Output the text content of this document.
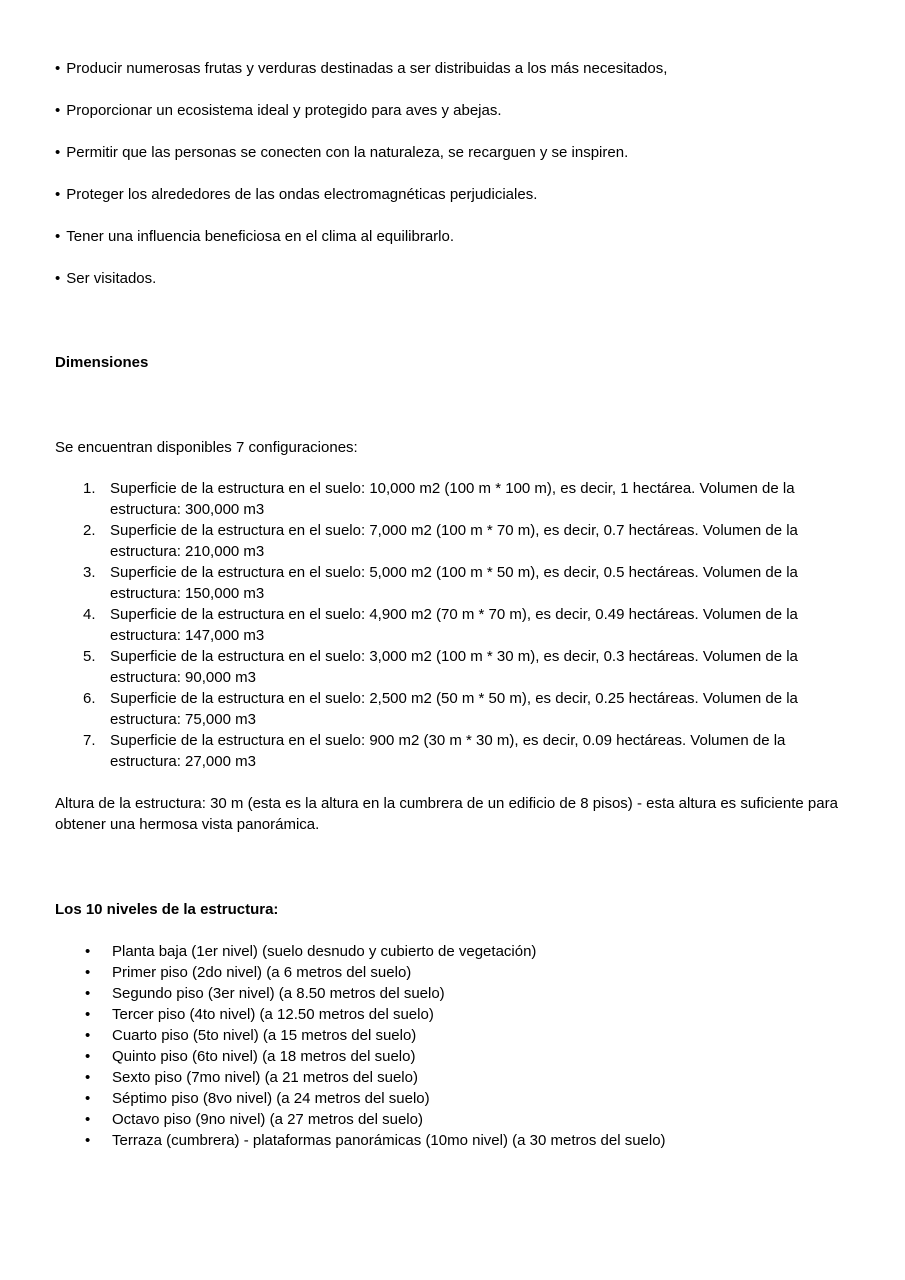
• Producir numerosas frutas y verduras destinadas a ser distribuidas a los más necesitados,

• Proporcionar un ecosistema ideal y protegido para aves y abejas.

• Permitir que las personas se conecten con la naturaleza, se recarguen y se inspiren.

• Proteger los alrededores de las ondas electromagnéticas perjudiciales.

• Tener una influencia beneficiosa en el clima al equilibrarlo.

• Ser visitados.

Dimensiones
Se encuentran disponibles 7 configuraciones:
1. Superficie de la estructura en el suelo: 10,000 m2 (100 m * 100 m), es decir, 1 hectárea. Volumen de la estructura: 300,000 m3
2. Superficie de la estructura en el suelo: 7,000 m2 (100 m * 70 m), es decir, 0.7 hectáreas. Volumen de la estructura: 210,000 m3
3. Superficie de la estructura en el suelo: 5,000 m2 (100 m * 50 m), es decir, 0.5 hectáreas. Volumen de la estructura: 150,000 m3
4. Superficie de la estructura en el suelo: 4,900 m2 (70 m * 70 m), es decir, 0.49 hectáreas. Volumen de la estructura: 147,000 m3
5. Superficie de la estructura en el suelo: 3,000 m2 (100 m * 30 m), es decir, 0.3 hectáreas. Volumen de la estructura: 90,000 m3
6. Superficie de la estructura en el suelo: 2,500 m2 (50 m * 50 m), es decir, 0.25 hectáreas. Volumen de la estructura: 75,000 m3
7. Superficie de la estructura en el suelo: 900 m2 (30 m * 30 m), es decir, 0.09 hectáreas. Volumen de la estructura: 27,000 m3

Altura de la estructura: 30 m (esta es la altura en la cumbrera de un edificio de 8 pisos) - esta altura es suficiente para obtener una hermosa vista panorámica.

Los 10 niveles de la estructura:
•	Planta baja (1er nivel) (suelo desnudo y cubierto de vegetación)
•	Primer piso (2do nivel) (a 6 metros del suelo)
•	Segundo piso (3er nivel) (a 8.50 metros del suelo)
•	Tercer piso (4to nivel) (a 12.50 metros del suelo)
•	Cuarto piso (5to nivel) (a 15 metros del suelo)
•	Quinto piso (6to nivel) (a 18 metros del suelo)
•	Sexto piso (7mo nivel) (a 21 metros del suelo)
•	Séptimo piso (8vo nivel) (a 24 metros del suelo)
•	Octavo piso (9no nivel) (a 27 metros del suelo)
•	Terraza (cumbrera) - plataformas panorámicas (10mo nivel) (a 30 metros del suelo)
